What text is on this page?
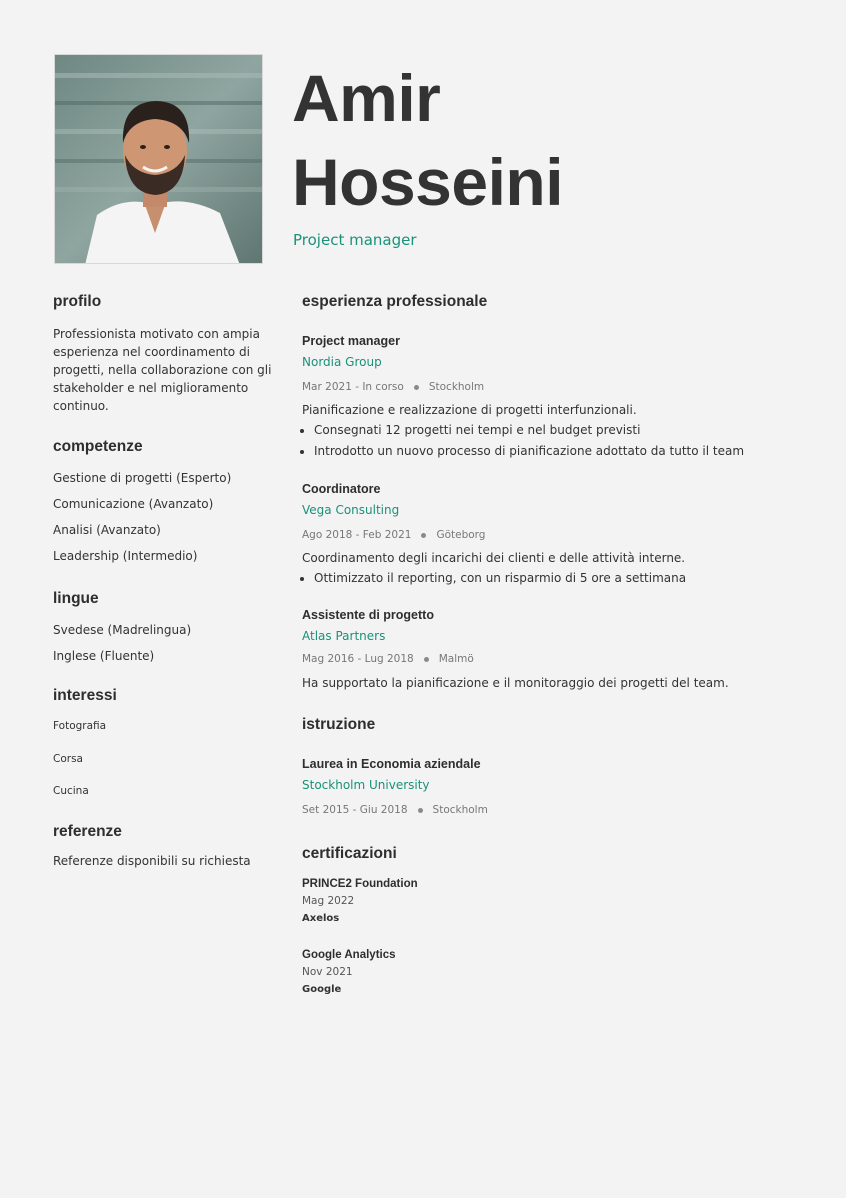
Amir
Hosseini
Project manager
profilo

Professionista motivato con ampia esperienza nel coordinamento di progetti, nella collaborazione con gli stakeholder e nel miglioramento continuo.

competenze
Gestione di progetti (Esperto)
Comunicazione (Avanzato)
Analisi (Avanzato)
Leadership (Intermedio)
lingue
Svedese (Madrelingua)
Inglese (Fluente)
interessi
Fotografia
Corsa
Cucina
referenze

Referenze disponibili su richiesta

esperienza professionale
Project manager
Nordia Group
Mar 2021 - In corso Stockholm
Pianificazione e realizzazione di progetti interfunzionali.
• Consegnati 12 progetti nei tempi e nel budget previsti
• Introdotto un nuovo processo di pianificazione adottato da tutto il team
Coordinatore
Vega Consulting
Ago 2018 - Feb 2021 Göteborg
Coordinamento degli incarichi dei clienti e delle attività interne.
• Ottimizzato il reporting, con un risparmio di 5 ore a settimana
Assistente di progetto
Atlas Partners
Mag 2016 - Lug 2018 Malmö
Ha supportato la pianificazione e il monitoraggio dei progetti del team.
istruzione
Laurea in Economia aziendale
Stockholm University
Set 2015 - Giu 2018 Stockholm
certificazioni
PRINCE2 Foundation
Mag 2022
Axelos
Google Analytics
Nov 2021
Google
